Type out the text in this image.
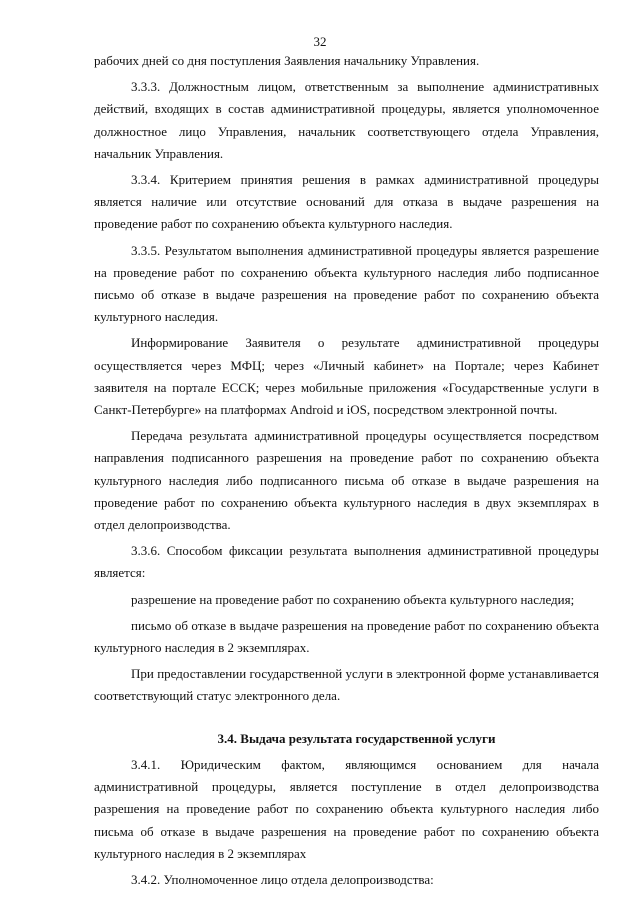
32

рабочих дней со дня поступления Заявления начальнику Управления.

3.3.3. Должностным лицом, ответственным за выполнение административных действий, входящих в состав административной процедуры, является уполномоченное должностное лицо Управления, начальник соответствующего отдела Управления, начальник Управления.

3.3.4. Критерием принятия решения в рамках административной процедуры является наличие или отсутствие оснований для отказа в выдаче разрешения на проведение работ по сохранению объекта культурного наследия.

3.3.5. Результатом выполнения административной процедуры является разрешение на проведение работ по сохранению объекта культурного наследия либо подписанное письмо об отказе в выдаче разрешения на проведение работ по сохранению объекта культурного наследия.

Информирование Заявителя о результате административной процедуры осуществляется через МФЦ; через «Личный кабинет» на Портале; через Кабинет заявителя на портале ЕССК; через мобильные приложения «Государственные услуги в Санкт-Петербурге» на платформах Android и iOS, посредством электронной почты.

Передача результата административной процедуры осуществляется посредством направления подписанного разрешения на проведение работ по сохранению объекта культурного наследия либо подписанного письма об отказе в выдаче разрешения на проведение работ по сохранению объекта культурного наследия в двух экземплярах в отдел делопроизводства.

3.3.6. Способом фиксации результата выполнения административной процедуры является:

разрешение на проведение работ по сохранению объекта культурного наследия;

письмо об отказе в выдаче разрешения на проведение работ по сохранению объекта культурного наследия в 2 экземплярах.

При предоставлении государственной услуги в электронной форме устанавливается соответствующий статус электронного дела.

3.4. Выдача результата государственной услуги

3.4.1. Юридическим фактом, являющимся основанием для начала административной процедуры, является поступление в отдел делопроизводства разрешения на проведение работ по сохранению объекта культурного наследия либо письма об отказе в выдаче разрешения на проведение работ по сохранению объекта культурного наследия в 2 экземплярах

3.4.2. Уполномоченное лицо отдела делопроизводства:
